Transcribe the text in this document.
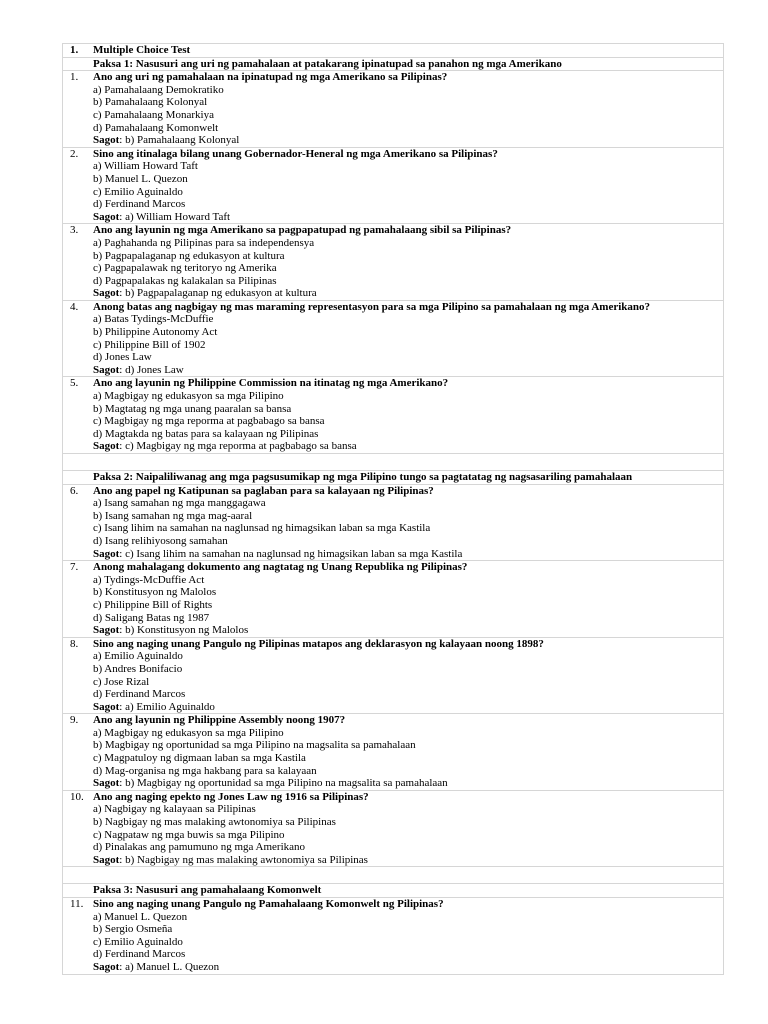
1. Multiple Choice Test
Paksa 1: Nasusuri ang uri ng pamahalaan at patakarang ipinatupad sa panahon ng mga Amerikano
1. Ano ang uri ng pamahalaan na ipinatupad ng mga Amerikano sa Pilipinas?
a) Pamahalaang Demokratiko
b) Pamahalaang Kolonyal
c) Pamahalaang Monarkiya
d) Pamahalaang Komonwelt
Sagot: b) Pamahalaang Kolonyal
2. Sino ang itinalaga bilang unang Gobernador-Heneral ng mga Amerikano sa Pilipinas?
a) William Howard Taft
b) Manuel L. Quezon
c) Emilio Aguinaldo
d) Ferdinand Marcos
Sagot: a) William Howard Taft
3. Ano ang layunin ng mga Amerikano sa pagpapatupad ng pamahalaang sibil sa Pilipinas?
a) Paghahanda ng Pilipinas para sa independensya
b) Pagpapalaganap ng edukasyon at kultura
c) Pagpapalawak ng teritoryo ng Amerika
d) Pagpapalakas ng kalakalan sa Pilipinas
Sagot: b) Pagpapalaganap ng edukasyon at kultura
4. Anong batas ang nagbigay ng mas maraming representasyon para sa mga Pilipino sa pamahalaan ng mga Amerikano?
a) Batas Tydings-McDuffie
b) Philippine Autonomy Act
c) Philippine Bill of 1902
d) Jones Law
Sagot: d) Jones Law
5. Ano ang layunin ng Philippine Commission na itinatag ng mga Amerikano?
a) Magbigay ng edukasyon sa mga Pilipino
b) Magtatag ng mga unang paaralan sa bansa
c) Magbigay ng mga reporma at pagbabago sa bansa
d) Magtakda ng batas para sa kalayaan ng Pilipinas
Sagot: c) Magbigay ng mga reporma at pagbabago sa bansa
Paksa 2: Naipaliliwanag ang mga pagsusumikap ng mga Pilipino tungo sa pagtatatag ng nagsasariling pamahalaan
6. Ano ang papel ng Katipunan sa paglaban para sa kalayaan ng Pilipinas?
a) Isang samahan ng mga manggagawa
b) Isang samahan ng mga mag-aaral
c) Isang lihim na samahan na naglunsad ng himagsikan laban sa mga Kastila
d) Isang relihiyosong samahan
Sagot: c) Isang lihim na samahan na naglunsad ng himagsikan laban sa mga Kastila
7. Anong mahalagang dokumento ang nagtatag ng Unang Republika ng Pilipinas?
a) Tydings-McDuffie Act
b) Konstitusyon ng Malolos
c) Philippine Bill of Rights
d) Saligang Batas ng 1987
Sagot: b) Konstitusyon ng Malolos
8. Sino ang naging unang Pangulo ng Pilipinas matapos ang deklarasyon ng kalayaan noong 1898?
a) Emilio Aguinaldo
b) Andres Bonifacio
c) Jose Rizal
d) Ferdinand Marcos
Sagot: a) Emilio Aguinaldo
9. Ano ang layunin ng Philippine Assembly noong 1907?
a) Magbigay ng edukasyon sa mga Pilipino
b) Magbigay ng oportunidad sa mga Pilipino na magsalita sa pamahalaan
c) Magpatuloy ng digmaan laban sa mga Kastila
d) Mag-organisa ng mga hakbang para sa kalayaan
Sagot: b) Magbigay ng oportunidad sa mga Pilipino na magsalita sa pamahalaan
10. Ano ang naging epekto ng Jones Law ng 1916 sa Pilipinas?
a) Nagbigay ng kalayaan sa Pilipinas
b) Nagbigay ng mas malaking awtonomiya sa Pilipinas
c) Nagpataw ng mga buwis sa mga Pilipino
d) Pinalakas ang pamumuno ng mga Amerikano
Sagot: b) Nagbigay ng mas malaking awtonomiya sa Pilipinas
Paksa 3: Nasusuri ang pamahalaang Komonwelt
11. Sino ang naging unang Pangulo ng Pamahalaang Komonwelt ng Pilipinas?
a) Manuel L. Quezon
b) Sergio Osmeña
c) Emilio Aguinaldo
d) Ferdinand Marcos
Sagot: a) Manuel L. Quezon
